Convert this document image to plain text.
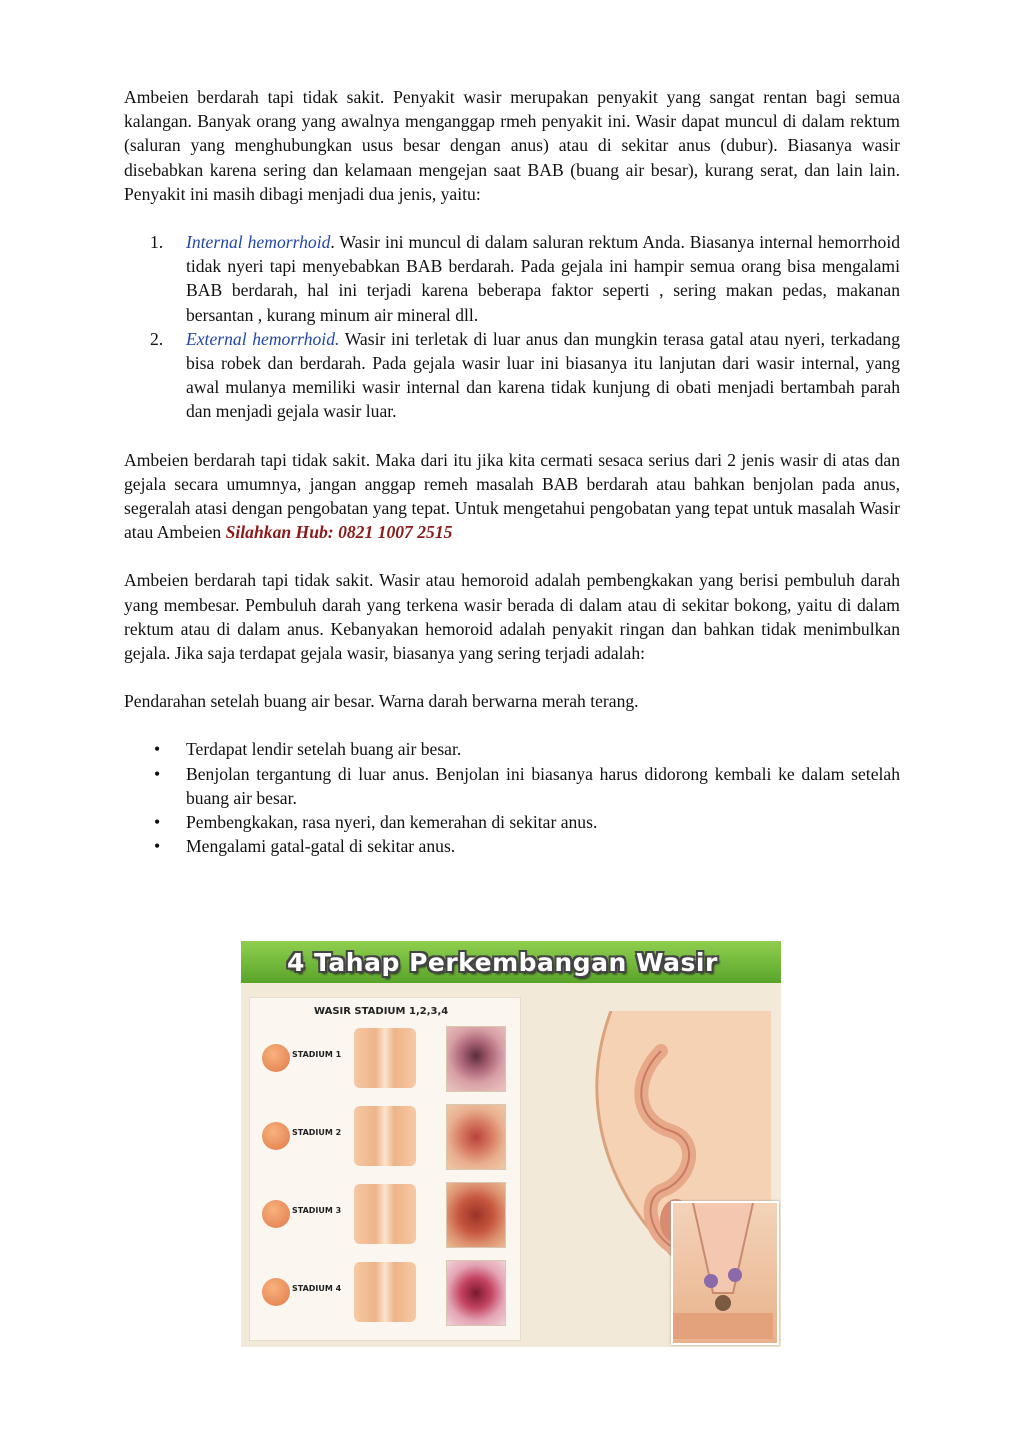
Ambeien berdarah tapi tidak sakit. Penyakit wasir merupakan penyakit yang sangat rentan bagi semua kalangan. Banyak orang yang awalnya menganggap rmeh penyakit ini. Wasir dapat muncul di dalam rektum (saluran yang menghubungkan usus besar dengan anus) atau di sekitar anus (dubur). Biasanya wasir disebabkan karena sering dan kelamaan mengejan saat BAB (buang air besar), kurang serat, dan lain lain. Penyakit ini masih dibagi menjadi dua jenis, yaitu:

1. Internal hemorrhoid. Wasir ini muncul di dalam saluran rektum Anda. Biasanya internal hemorrhoid tidak nyeri tapi menyebabkan BAB berdarah. Pada gejala ini hampir semua orang bisa mengalami BAB berdarah, hal ini terjadi karena beberapa faktor seperti , sering makan pedas, makanan bersantan , kurang minum air mineral dll.
2. External hemorrhoid. Wasir ini terletak di luar anus dan mungkin terasa gatal atau nyeri, terkadang bisa robek dan berdarah. Pada gejala wasir luar ini biasanya itu lanjutan dari wasir internal, yang awal mulanya memiliki wasir internal dan karena tidak kunjung di obati menjadi bertambah parah dan menjadi gejala wasir luar.

Ambeien berdarah tapi tidak sakit. Maka dari itu jika kita cermati sesaca serius dari 2 jenis wasir di atas dan gejala secara umumnya, jangan anggap remeh masalah BAB berdarah atau bahkan benjolan pada anus, segeralah atasi dengan pengobatan yang tepat. Untuk mengetahui pengobatan yang tepat untuk masalah Wasir atau Ambeien Silahkan Hub: 0821 1007 2515

Ambeien berdarah tapi tidak sakit. Wasir atau hemoroid adalah pembengkakan yang berisi pembuluh darah yang membesar. Pembuluh darah yang terkena wasir berada di dalam atau di sekitar bokong, yaitu di dalam rektum atau di dalam anus. Kebanyakan hemoroid adalah penyakit ringan dan bahkan tidak menimbulkan gejala. Jika saja terdapat gejala wasir, biasanya yang sering terjadi adalah:

Pendarahan setelah buang air besar. Warna darah berwarna merah terang.

• Terdapat lendir setelah buang air besar.
• Benjolan tergantung di luar anus. Benjolan ini biasanya harus didorong kembali ke dalam setelah buang air besar.
• Pembengkakan, rasa nyeri, dan kemerahan di sekitar anus.
• Mengalami gatal-gatal di sekitar anus.
4 Tahap Perkembangan Wasir
WASIR STADIUM 1,2,3,4
STADIUM 1
STADIUM 2
STADIUM 3
STADIUM 4
